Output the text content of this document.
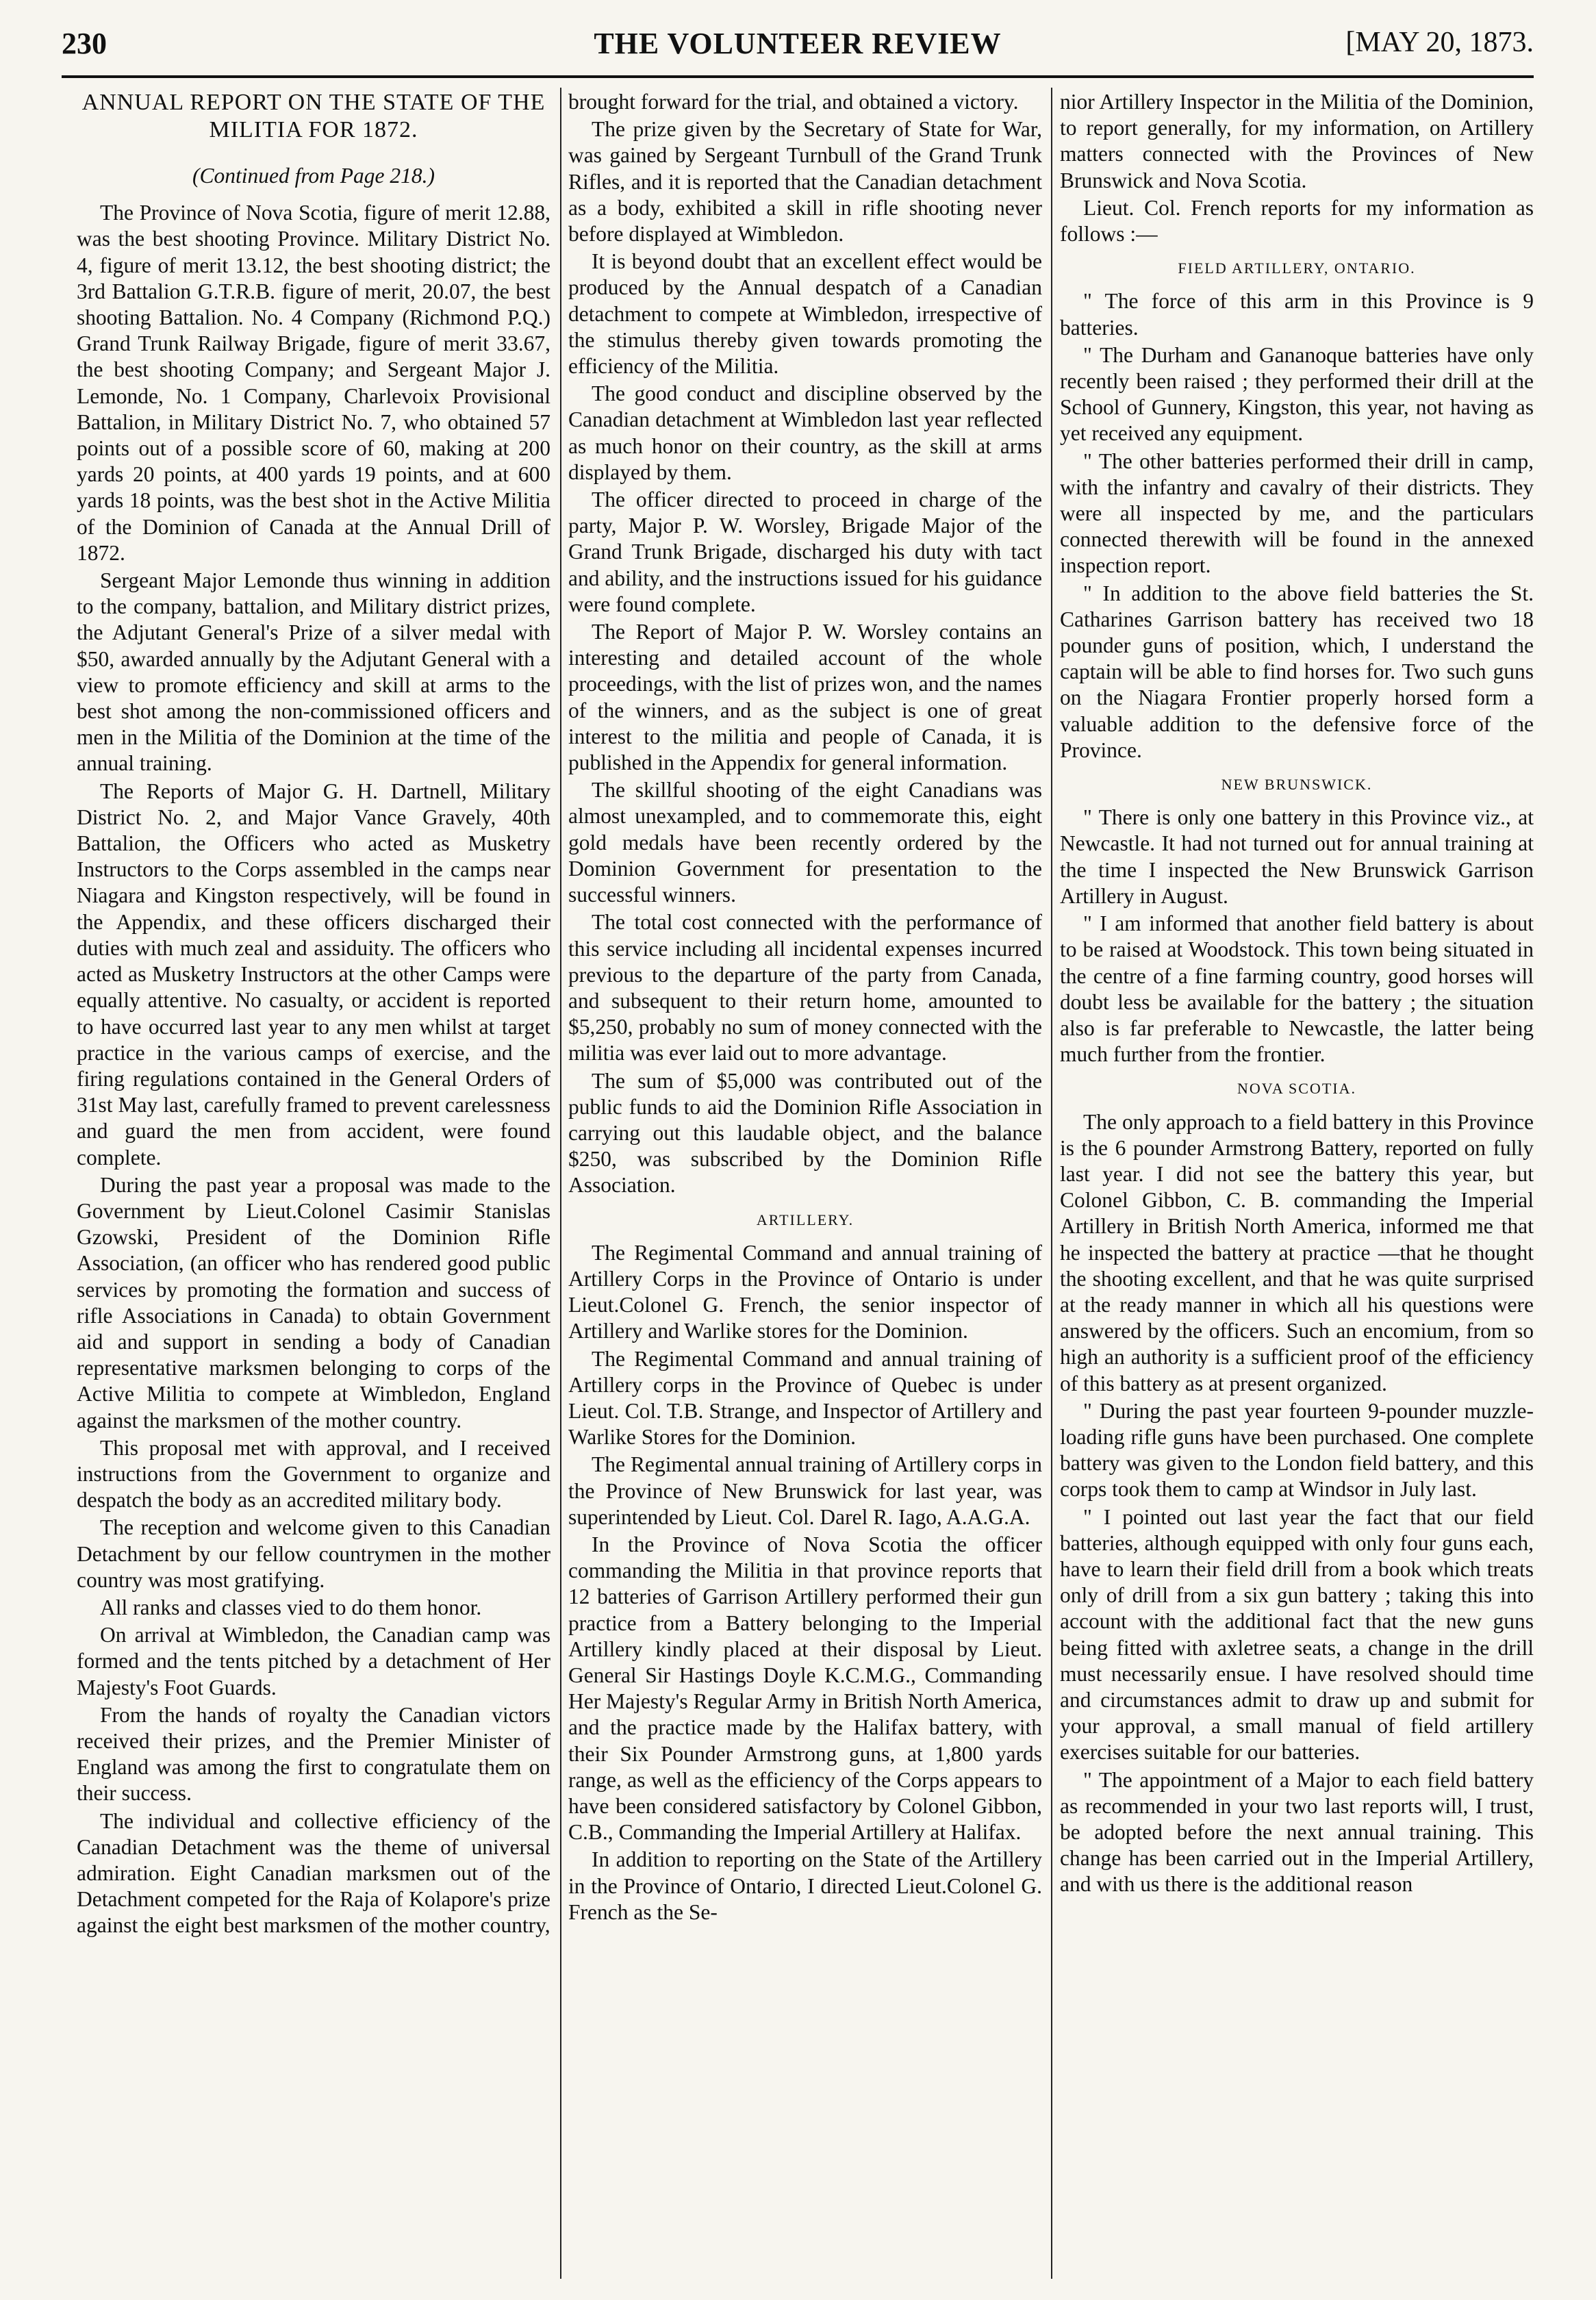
230	THE VOLUNTEER REVIEW	[MAY 20, 1873.
ANNUAL REPORT ON THE STATE OF THE MILITIA FOR 1872.
(Continued from Page 218.)

The Province of Nova Scotia, figure of merit 12.88, was the best shooting Province. Military District No. 4, figure of merit 13.12, the best shooting district; the 3rd Battalion G.T.R.B. figure of merit, 20.07, the best shooting Battalion. No. 4 Company (Richmond P.Q.) Grand Trunk Railway Brigade, figure of merit 33.67, the best shooting Company; and Sergeant Major J. Lemonde, No. 1 Company, Charlevoix Provisional Battalion, in Military District No. 7, who obtained 57 points out of a possible score of 60, making at 200 yards 20 points, at 400 yards 19 points, and at 600 yards 18 points, was the best shot in the Active Militia of the Dominion of Canada at the Annual Drill of 1872.

Sergeant Major Lemonde thus winning in addition to the company, battalion, and Military district prizes, the Adjutant General's Prize of a silver medal with $50, awarded annually by the Adjutant General with a view to promote efficiency and skill at arms to the best shot among the non-commissioned officers and men in the Militia of the Dominion at the time of the annual training.

The Reports of Major G. H. Dartnell, Military District No. 2, and Major Vance Gravely, 40th Battalion, the Officers who acted as Musketry Instructors to the Corps assembled in the camps near Niagara and Kingston respectively, will be found in the Appendix, and these officers discharged their duties with much zeal and assiduity. The officers who acted as Musketry Instructors at the other Camps were equally attentive. No casualty, or accident is reported to have occurred last year to any men whilst at target practice in the various camps of exercise, and the firing regulations contained in the General Orders of 31st May last, carefully framed to prevent carelessness and guard the men from accident, were found complete.

During the past year a proposal was made to the Government by Lieut.Colonel Casimir Stanislas Gzowski, President of the Dominion Rifle Association, (an officer who has rendered good public services by promoting the formation and success of rifle Associations in Canada) to obtain Government aid and support in sending a body of Canadian representative marksmen belonging to corps of the Active Militia to compete at Wimbledon, England against the marksmen of the mother country.

This proposal met with approval, and I received instructions from the Government to organize and despatch the body as an accredited military body.

The reception and welcome given to this Canadian Detachment by our fellow countrymen in the mother country was most gratifying.

All ranks and classes vied to do them honor.

On arrival at Wimbledon, the Canadian camp was formed and the tents pitched by a detachment of Her Majesty's Foot Guards.

From the hands of royalty the Canadian victors received their prizes, and the Premier Minister of England was among the first to congratulate them on their success.

The individual and collective efficiency of the Canadian Detachment was the theme of universal admiration. Eight Canadian marksmen out of the Detachment competed for the Raja of Kolapore's prize against the eight best marksmen of the mother country,

brought forward for the trial, and obtained a victory.

The prize given by the Secretary of State for War, was gained by Sergeant Turnbull of the Grand Trunk Rifles, and it is reported that the Canadian detachment as a body, exhibited a skill in rifle shooting never before displayed at Wimbledon.

It is beyond doubt that an excellent effect would be produced by the Annual despatch of a Canadian detachment to compete at Wimbledon, irrespective of the stimulus thereby given towards promoting the efficiency of the Militia.

The good conduct and discipline observed by the Canadian detachment at Wimbledon last year reflected as much honor on their country, as the skill at arms displayed by them.

The officer directed to proceed in charge of the party, Major P. W. Worsley, Brigade Major of the Grand Trunk Brigade, discharged his duty with tact and ability, and the instructions issued for his guidance were found complete.

The Report of Major P. W. Worsley contains an interesting and detailed account of the whole proceedings, with the list of prizes won, and the names of the winners, and as the subject is one of great interest to the militia and people of Canada, it is published in the Appendix for general information.

The skillful shooting of the eight Canadians was almost unexampled, and to commemorate this, eight gold medals have been recently ordered by the Dominion Government for presentation to the successful winners.

The total cost connected with the performance of this service including all incidental expenses incurred previous to the departure of the party from Canada, and subsequent to their return home, amounted to $5,250, probably no sum of money connected with the militia was ever laid out to more advantage.

The sum of $5,000 was contributed out of the public funds to aid the Dominion Rifle Association in carrying out this laudable object, and the balance $250, was subscribed by the Dominion Rifle Association.

ARTILLERY.

The Regimental Command and annual training of Artillery Corps in the Province of Ontario is under Lieut.Colonel G. French, the senior inspector of Artillery and Warlike stores for the Dominion.

The Regimental Command and annual training of Artillery corps in the Province of Quebec is under Lieut. Col. T.B. Strange, and Inspector of Artillery and Warlike Stores for the Dominion.

The Regimental annual training of Artillery corps in the Province of New Brunswick for last year, was superintended by Lieut. Col. Darel R. Iago, A.A.G.A.

In the Province of Nova Scotia the officer commanding the Militia in that province reports that 12 batteries of Garrison Artillery performed their gun practice from a Battery belonging to the Imperial Artillery kindly placed at their disposal by Lieut. General Sir Hastings Doyle K.C.M.G., Commanding Her Majesty's Regular Army in British North America, and the practice made by the Halifax battery, with their Six Pounder Armstrong guns, at 1,800 yards range, as well as the efficiency of the Corps appears to have been considered satisfactory by Colonel Gibbon, C.B., Commanding the Imperial Artillery at Halifax.

In addition to reporting on the State of the Artillery in the Province of Ontario, I directed Lieut.Colonel G. French as the Se-

nior Artillery Inspector in the Militia of the Dominion, to report generally, for my information, on Artillery matters connected with the Provinces of New Brunswick and Nova Scotia.

Lieut. Col. French reports for my information as follows :—

FIELD ARTILLERY, ONTARIO.

" The force of this arm in this Province is 9 batteries.

" The Durham and Gananoque batteries have only recently been raised ; they performed their drill at the School of Gunnery, Kingston, this year, not having as yet received any equipment.

" The other batteries performed their drill in camp, with the infantry and cavalry of their districts. They were all inspected by me, and the particulars connected therewith will be found in the annexed inspection report.

" In addition to the above field batteries the St. Catharines Garrison battery has received two 18 pounder guns of position, which, I understand the captain will be able to find horses for. Two such guns on the Niagara Frontier properly horsed form a valuable addition to the defensive force of the Province.

NEW BRUNSWICK.

" There is only one battery in this Province viz., at Newcastle. It had not turned out for annual training at the time I inspected the New Brunswick Garrison Artillery in August.

" I am informed that another field battery is about to be raised at Woodstock. This town being situated in the centre of a fine farming country, good horses will doubt less be available for the battery ; the situation also is far preferable to Newcastle, the latter being much further from the frontier.

NOVA SCOTIA.

The only approach to a field battery in this Province is the 6 pounder Armstrong Battery, reported on fully last year. I did not see the battery this year, but Colonel Gibbon, C. B. commanding the Imperial Artillery in British North America, informed me that he inspected the battery at practice —that he thought the shooting excellent, and that he was quite surprised at the ready manner in which all his questions were answered by the officers. Such an encomium, from so high an authority is a sufficient proof of the efficiency of this battery as at present organized.

" During the past year fourteen 9-pounder muzzle-loading rifle guns have been purchased. One complete battery was given to the London field battery, and this corps took them to camp at Windsor in July last.

" I pointed out last year the fact that our field batteries, although equipped with only four guns each, have to learn their field drill from a book which treats only of drill from a six gun battery ; taking this into account with the additional fact that the new guns being fitted with axletree seats, a change in the drill must necessarily ensue. I have resolved should time and circumstances admit to draw up and submit for your approval, a small manual of field artillery exercises suitable for our batteries.

" The appointment of a Major to each field battery as recommended in your two last reports will, I trust, be adopted before the next annual training. This change has been carried out in the Imperial Artillery, and with us there is the additional reason
